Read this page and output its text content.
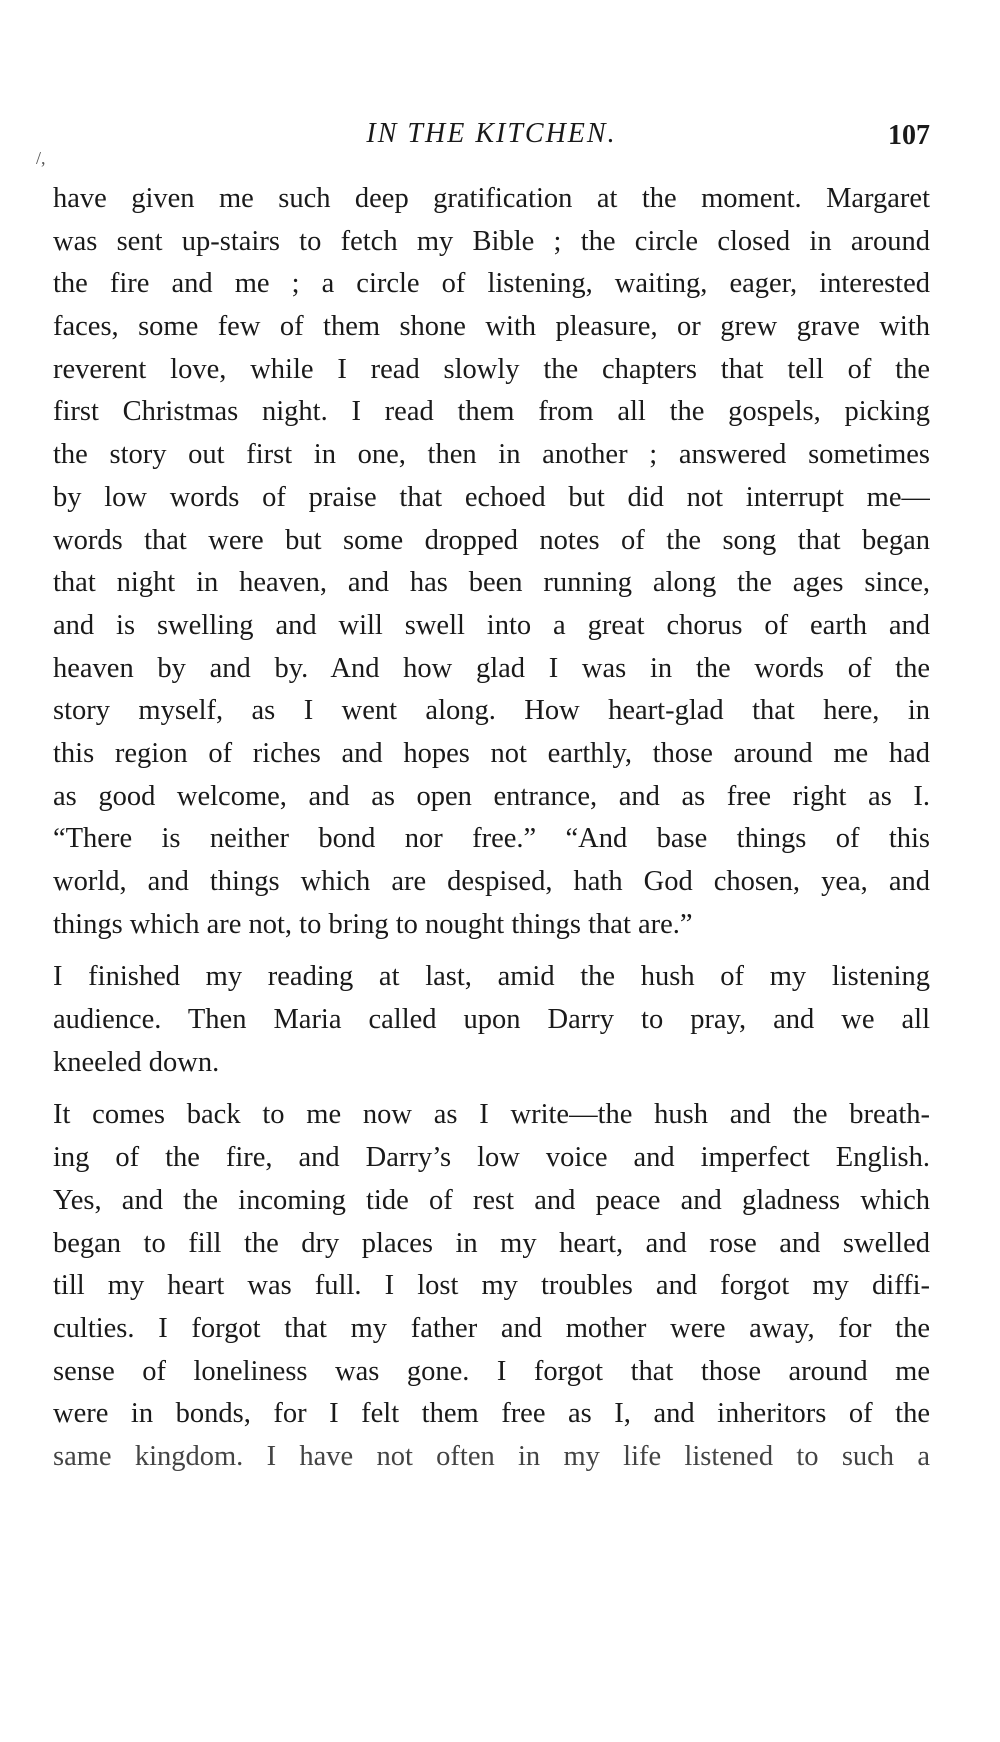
IN THE KITCHEN.	107
/,
have given me such deep gratification at the moment. Margaret
was sent up-stairs to fetch my Bible ; the circle closed in around
the fire and me ; a circle of listening, waiting, eager, interested
faces, some few of them shone with pleasure, or grew grave with
reverent love, while I read slowly the chapters that tell of the
first Christmas night. I read them from all the gospels, picking
the story out first in one, then in another ; answered sometimes
by low words of praise that echoed but did not interrupt me—
words that were but some dropped notes of the song that began
that night in heaven, and has been running along the ages since,
and is swelling and will swell into a great chorus of earth and
heaven by and by. And how glad I was in the words of the
story myself, as I went along. How heart-glad that here, in
this region of riches and hopes not earthly, those around me had
as good welcome, and as open entrance, and as free right as I.
“There is neither bond nor free.” “And base things of this
world, and things which are despised, hath God chosen, yea, and
things which are not, to bring to nought things that are.”
I finished my reading at last, amid the hush of my listening
audience. Then Maria called upon Darry to pray, and we all
kneeled down.
It comes back to me now as I write—the hush and the breath-
ing of the fire, and Darry’s low voice and imperfect English.
Yes, and the incoming tide of rest and peace and gladness which
began to fill the dry places in my heart, and rose and swelled
till my heart was full. I lost my troubles and forgot my diffi-
culties. I forgot that my father and mother were away, for the
sense of loneliness was gone. I forgot that those around me
were in bonds, for I felt them free as I, and inheritors of the
same kingdom. I have not often in my life listened to such a
